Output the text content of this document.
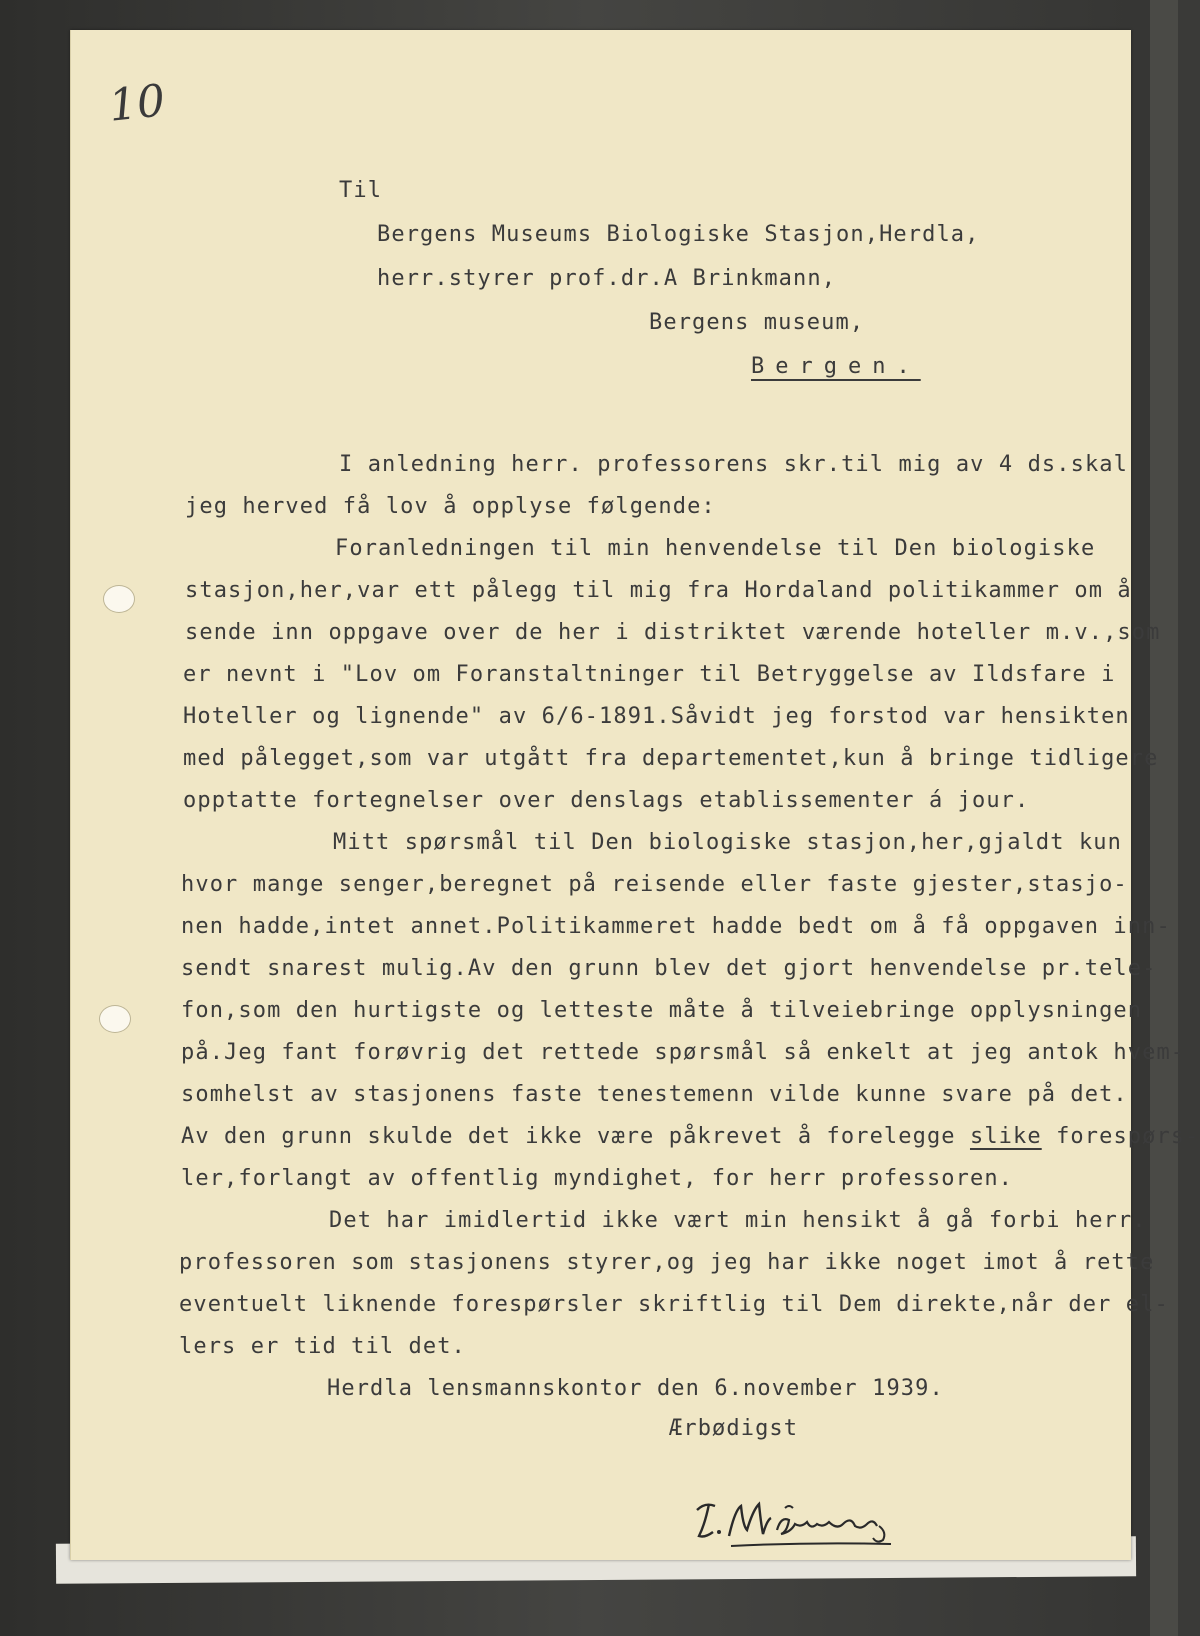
10
Til
Bergens Museums Biologiske Stasjon,Herdla,
herr.styrer prof.dr.A Brinkmann,
Bergens museum,
Bergen.
I anledning herr. professorens skr.til mig av 4 ds.skal
jeg herved få lov å opplyse følgende:
Foranledningen til min henvendelse til Den biologiske
stasjon,her,var ett pålegg til mig fra Hordaland politikammer om å
sende inn oppgave over de her i distriktet værende hoteller m.v.,som
er nevnt i "Lov om Foranstaltninger til Betryggelse av Ildsfare i
Hoteller og lignende" av 6/6-1891.Såvidt jeg forstod var hensikten
med pålegget,som var utgått fra departementet,kun å bringe tidligere
opptatte fortegnelser over denslags etablissementer á jour.
Mitt spørsmål til Den biologiske stasjon,her,gjaldt kun
hvor mange senger,beregnet på reisende eller faste gjester,stasjo-
nen hadde,intet annet.Politikammeret hadde bedt om å få oppgaven inn-
sendt snarest mulig.Av den grunn blev det gjort henvendelse pr.tele-
fon,som den hurtigste og letteste måte å tilveiebringe opplysningen
på.Jeg fant forøvrig det rettede spørsmål så enkelt at jeg antok hvem-
somhelst av stasjonens faste tenestemenn vilde kunne svare på det.
Av den grunn skulde det ikke være påkrevet å forelegge slike forespørs-
ler,forlangt av offentlig myndighet, for herr professoren.
Det har imidlertid ikke vært min hensikt å gå forbi herr.
professoren som stasjonens styrer,og jeg har ikke noget imot å rette
eventuelt liknende forespørsler skriftlig til Dem direkte,når der el-
lers er tid til det.
Herdla lensmannskontor den 6.november 1939.
Ærbødigst
